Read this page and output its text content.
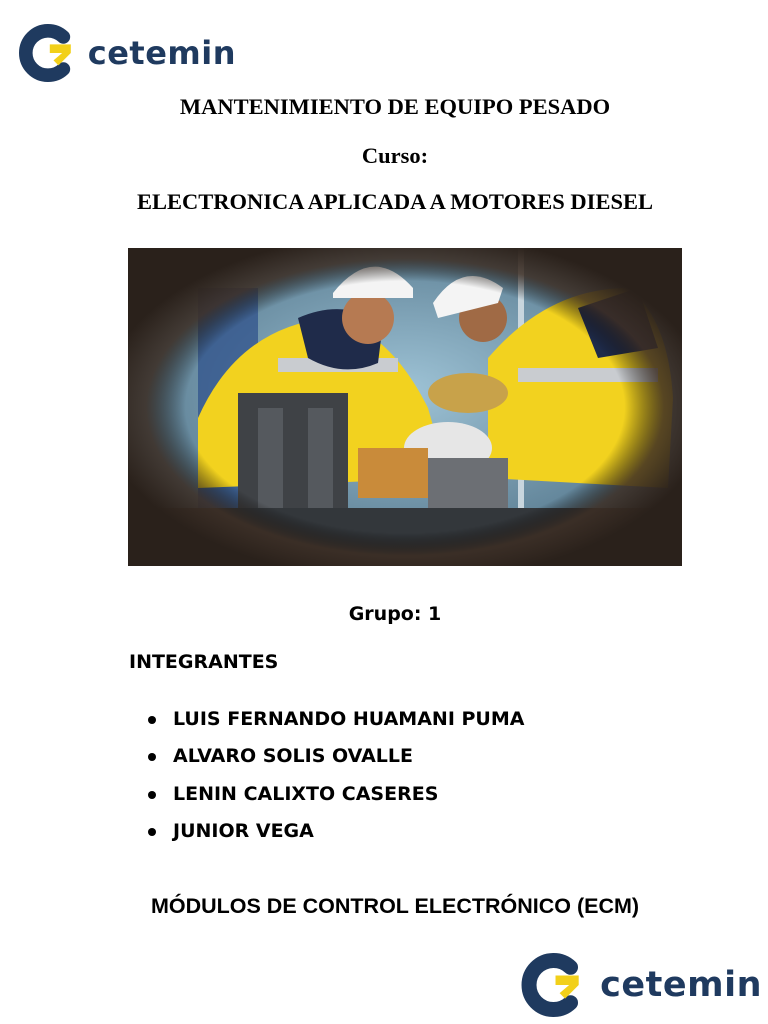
cetemin
MANTENIMIENTO DE EQUIPO PESADO
Curso:
ELECTRONICA APLICADA A MOTORES DIESEL
Grupo: 1
INTEGRANTES
LUIS FERNANDO HUAMANI PUMA
ALVARO SOLIS OVALLE
LENIN CALIXTO CASERES
JUNIOR VEGA
MÓDULOS DE CONTROL ELECTRÓNICO (ECM)
cetemin
